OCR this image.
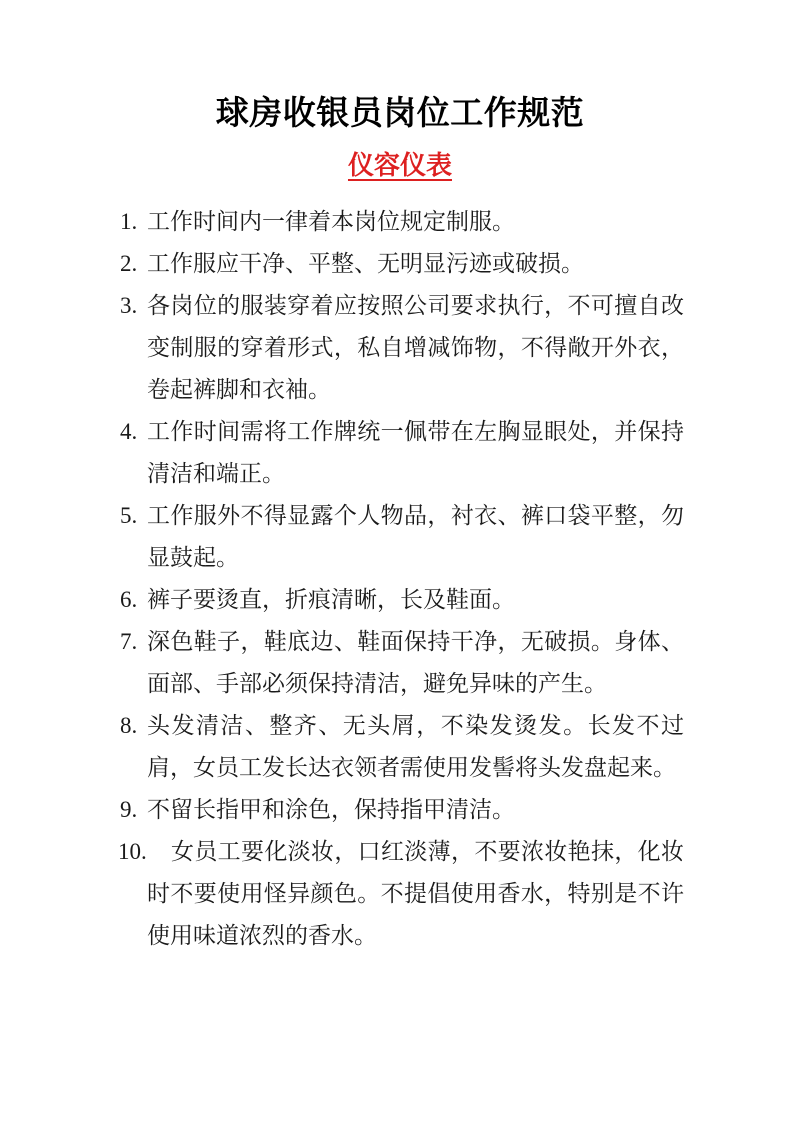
球房收银员岗位工作规范
仪容仪表
1. 工作时间内一律着本岗位规定制服。
2. 工作服应干净、平整、无明显污迹或破损。
3. 各岗位的服装穿着应按照公司要求执行，不可擅自改变制服的穿着形式，私自增减饰物，不得敞开外衣，卷起裤脚和衣袖。
4. 工作时间需将工作牌统一佩带在左胸显眼处，并保持清洁和端正。
5. 工作服外不得显露个人物品，衬衣、裤口袋平整，勿显鼓起。
6. 裤子要烫直，折痕清晰，长及鞋面。
7. 深色鞋子，鞋底边、鞋面保持干净，无破损。身体、面部、手部必须保持清洁，避免异味的产生。
8. 头发清洁、整齐、无头屑，不染发烫发。长发不过肩，女员工发长达衣领者需使用发髻将头发盘起来。
9. 不留长指甲和涂色，保持指甲清洁。
10. 女员工要化淡妆，口红淡薄，不要浓妆艳抹，化妆时不要使用怪异颜色。不提倡使用香水，特别是不许使用味道浓烈的香水。
